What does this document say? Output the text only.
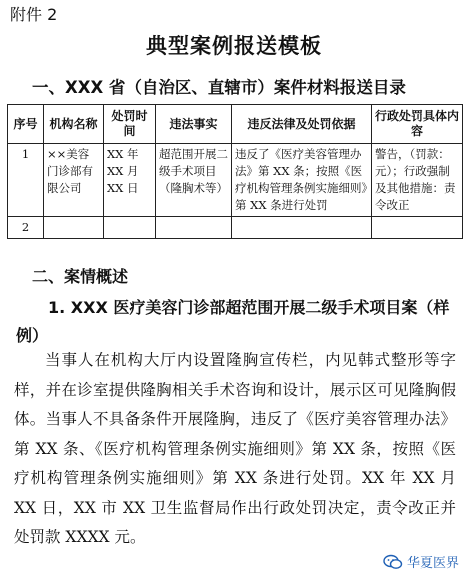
附件 2
典型案例报送模板
一、XXX 省（自治区、直辖市）案件材料报送目录
序号	机构名称	处罚时间	违法事实	违反法律及处罚依据	行政处罚具体内容
1	××美容门诊部有限公司	XX 年XX 月XX 日	超范围开展二级手术项目（隆胸术等）	违反了《医疗美容管理办法》第 XX 条；按照《医疗机构管理条例实施细则》第 XX 条进行处罚	警告，（罚款：元）；行政强制及其他措施：责令改正
2					
二、案情概述
1. XXX 医疗美容门诊部超范围开展二级手术项目案（样例）
当事人在机构大厅内设置隆胸宣传栏，内见韩式整形等字样，并在诊室提供隆胸相关手术咨询和设计，展示区可见隆胸假体。当事人不具备条件开展隆胸，违反了《医疗美容管理办法》第 XX 条、《医疗机构管理条例实施细则》第 XX 条，按照《医疗机构管理条例实施细则》第 XX 条进行处罚。XX 年 XX 月 XX 日，XX 市 XX 卫生监督局作出行政处罚决定，责令改正并处罚款 XXXX 元。
华夏医界
